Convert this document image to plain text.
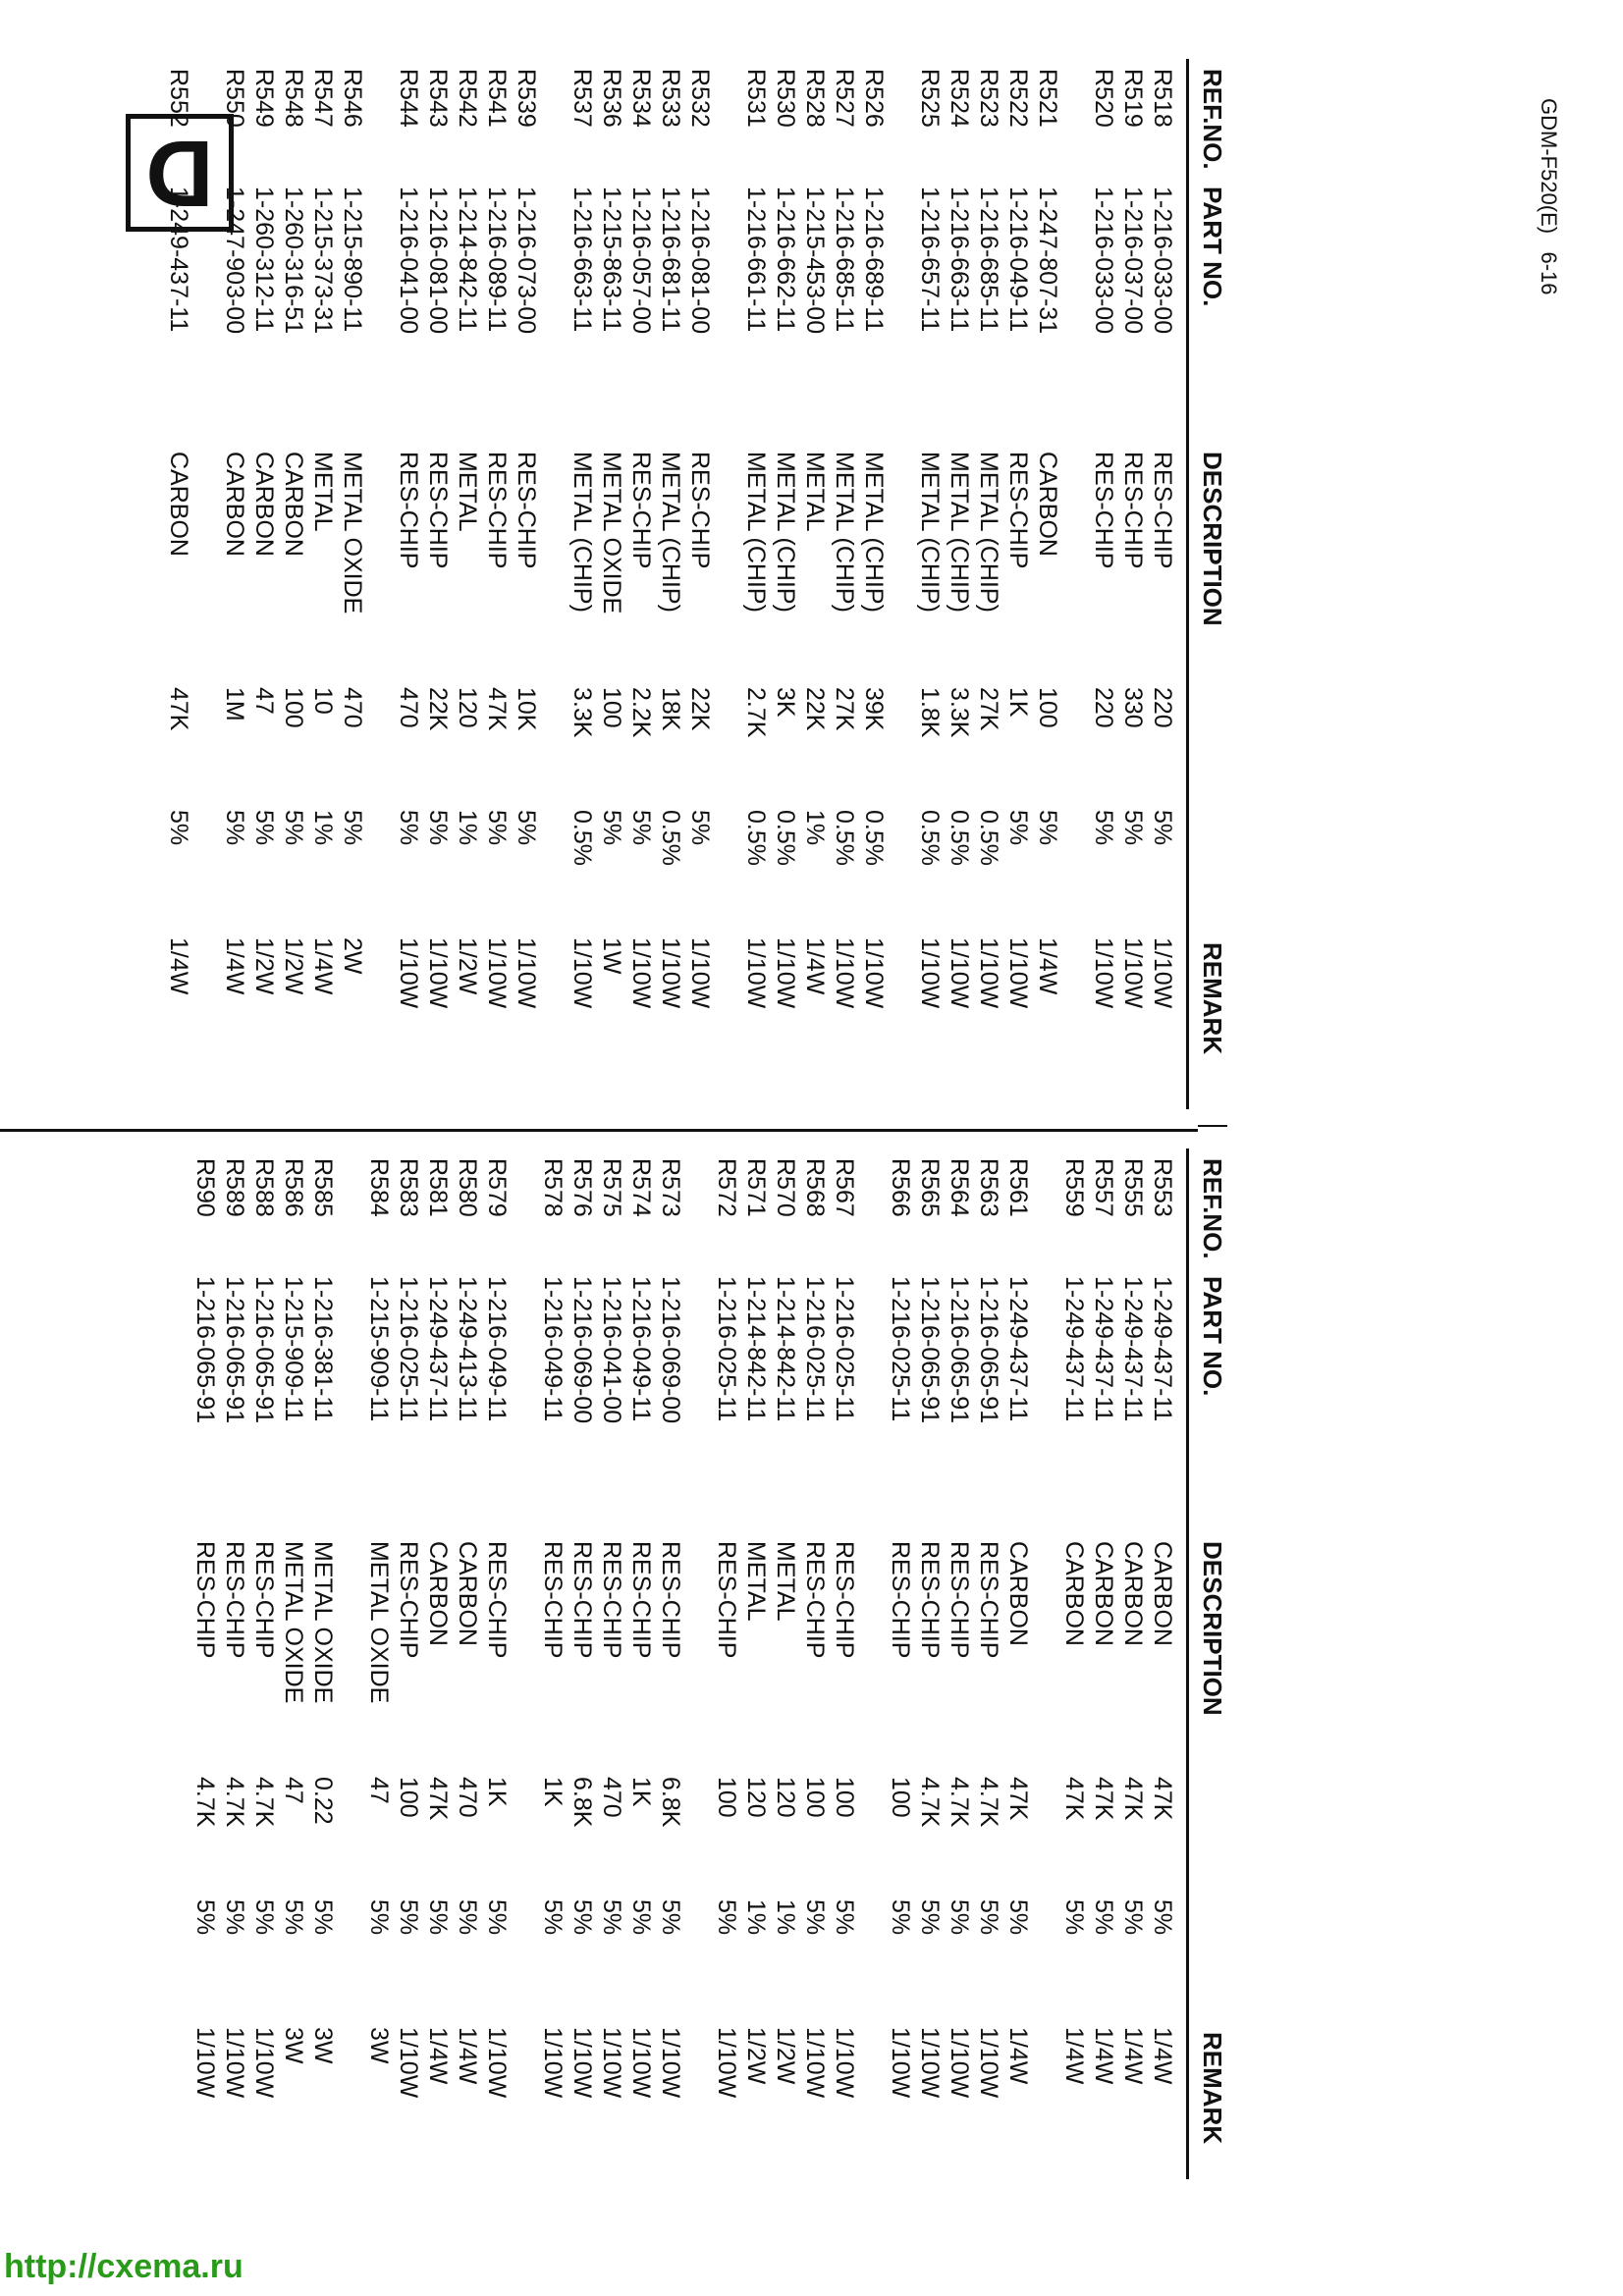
REF.NO.
PART NO.
DESCRIPTION
REMARK
R518
1-216-033-00
RES-CHIP
220
5%
1/10W
R519
1-216-037-00
RES-CHIP
330
5%
1/10W
R520
1-216-033-00
RES-CHIP
220
5%
1/10W
R521
1-247-807-31
CARBON
100
5%
1/4W
R522
1-216-049-11
RES-CHIP
1K
5%
1/10W
R523
1-216-685-11
METAL (CHIP)
27K
0.5%
1/10W
R524
1-216-663-11
METAL (CHIP)
3.3K
0.5%
1/10W
R525
1-216-657-11
METAL (CHIP)
1.8K
0.5%
1/10W
R526
1-216-689-11
METAL (CHIP)
39K
0.5%
1/10W
R527
1-216-685-11
METAL (CHIP)
27K
0.5%
1/10W
R528
1-215-453-00
METAL
22K
1%
1/4W
R530
1-216-662-11
METAL (CHIP)
3K
0.5%
1/10W
R531
1-216-661-11
METAL (CHIP)
2.7K
0.5%
1/10W
R532
1-216-081-00
RES-CHIP
22K
5%
1/10W
R533
1-216-681-11
METAL (CHIP)
18K
0.5%
1/10W
R534
1-216-057-00
RES-CHIP
2.2K
5%
1/10W
R536
1-215-863-11
METAL OXIDE
100
5%
1W
R537
1-216-663-11
METAL (CHIP)
3.3K
0.5%
1/10W
R539
1-216-073-00
RES-CHIP
10K
5%
1/10W
R541
1-216-089-11
RES-CHIP
47K
5%
1/10W
R542
1-214-842-11
METAL
120
1%
1/2W
R543
1-216-081-00
RES-CHIP
22K
5%
1/10W
R544
1-216-041-00
RES-CHIP
470
5%
1/10W
R546
1-215-890-11
METAL OXIDE
470
5%
2W
R547
1-215-373-31
METAL
10
1%
1/4W
R548
1-260-316-51
CARBON
100
5%
1/2W
R549
1-260-312-11
CARBON
47
5%
1/2W
R550
1-247-903-00
CARBON
1M
5%
1/4W
R552
1-249-437-11
CARBON
47K
5%
1/4W
REF.NO.
PART NO.
DESCRIPTION
REMARK
R553
1-249-437-11
CARBON
47K
5%
1/4W
R555
1-249-437-11
CARBON
47K
5%
1/4W
R557
1-249-437-11
CARBON
47K
5%
1/4W
R559
1-249-437-11
CARBON
47K
5%
1/4W
R561
1-249-437-11
CARBON
47K
5%
1/4W
R563
1-216-065-91
RES-CHIP
4.7K
5%
1/10W
R564
1-216-065-91
RES-CHIP
4.7K
5%
1/10W
R565
1-216-065-91
RES-CHIP
4.7K
5%
1/10W
R566
1-216-025-11
RES-CHIP
100
5%
1/10W
R567
1-216-025-11
RES-CHIP
100
5%
1/10W
R568
1-216-025-11
RES-CHIP
100
5%
1/10W
R570
1-214-842-11
METAL
120
1%
1/2W
R571
1-214-842-11
METAL
120
1%
1/2W
R572
1-216-025-11
RES-CHIP
100
5%
1/10W
R573
1-216-069-00
RES-CHIP
6.8K
5%
1/10W
R574
1-216-049-11
RES-CHIP
1K
5%
1/10W
R575
1-216-041-00
RES-CHIP
470
5%
1/10W
R576
1-216-069-00
RES-CHIP
6.8K
5%
1/10W
R578
1-216-049-11
RES-CHIP
1K
5%
1/10W
R579
1-216-049-11
RES-CHIP
1K
5%
1/10W
R580
1-249-413-11
CARBON
470
5%
1/4W
R581
1-249-437-11
CARBON
47K
5%
1/4W
R583
1-216-025-11
RES-CHIP
100
5%
1/10W
R584
1-215-909-11
METAL OXIDE
47
5%
3W
R585
1-216-381-11
METAL OXIDE
0.22
5%
3W
R586
1-215-909-11
METAL OXIDE
47
5%
3W
R588
1-216-065-91
RES-CHIP
4.7K
5%
1/10W
R589
1-216-065-91
RES-CHIP
4.7K
5%
1/10W
R590
1-216-065-91
RES-CHIP
4.7K
5%
1/10W
D	GDM-F520(E)   6-16
http://cxema.ru
